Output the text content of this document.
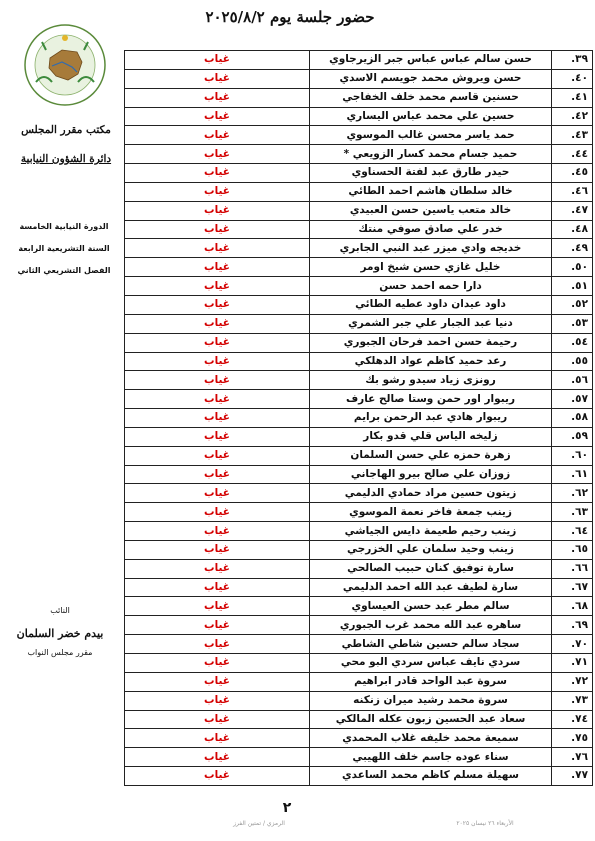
حضور جلسة يوم ٢٠٢٥/٨/٢
مكتب مقرر المجلس
دائرة الشؤون النيابية
الدورة النيابية الخامسة
السنة التشريعية الرابعة
الفصل التشريعي الثاني
النائب
بيدم خضر السلمان
مقرر مجلس النواب
٣٩.	حسن سالم عباس عباس جبر الزيرجاوي	غياب
٤٠.	حسن ويروش محمد جويسم الاسدي	غياب
٤١.	حسنين قاسم محمد خلف الخفاجي	غياب
٤٢.	حسين علي محمد عباس اليساري	غياب
٤٣.	حمد ياسر محسن غالب الموسوي	غياب
٤٤.	حميد جسام محمد كسار الزويعي *	غياب
٤٥.	حيدر طارق عبد لفتة الحسناوي	غياب
٤٦.	خالد سلطان هاشم احمد الطائي	غياب
٤٧.	خالد متعب ياسين حسن العبيدي	غياب
٤٨.	خدر علي صادق صوفي منتك	غياب
٤٩.	خديجه وادي ميزر عبد النبي الجابري	غياب
٥٠.	خليل غازي حسن شيخ اومر	غياب
٥١.	دارا حمه احمد حسن	غياب
٥٢.	داود عيدان داود عطيه الطائي	غياب
٥٣.	دنيا عبد الجبار علي جبر الشمري	غياب
٥٤.	رحيمة حسن احمد فرحان الجبوري	غياب
٥٥.	رعد حميد كاظم عواد الدهلكي	غياب
٥٦.	رونزى زياد سيدو رشو بك	غياب
٥٧.	ريبوار اور حمن وستا صالح عارف	غياب
٥٨.	ريبوار هادي عبد الرحمن برايم	غياب
٥٩.	زليخه الياس قلي قدو بكار	غياب
٦٠.	زهرة حمزه علي حسن السلمان	غياب
٦١.	زوزان علي صالح بيرو الهاجاني	غياب
٦٢.	زيتون حسين مراد حمادي الدليمي	غياب
٦٣.	زينب جمعة فاخر نعمة الموسوي	غياب
٦٤.	زينب رحيم طعيمة دايس الجياشي	غياب
٦٥.	زينب وحيد سلمان علي الخزرجي	غياب
٦٦.	سارة توفيق كنان حبيب الصالحي	غياب
٦٧.	سارة لطيف عبد الله احمد الدليمي	غياب
٦٨.	سالم مطر عبد حسن العيساوي	غياب
٦٩.	ساهره عبد الله محمد غرب الجبوري	غياب
٧٠.	سجاد سالم حسين شاطي الشاطي	غياب
٧١.	سردي نايف عباس سردي البو محي	غياب
٧٢.	سروة عبد الواحد قادر ابراهيم	غياب
٧٣.	سروة محمد رشيد ميران زنكنه	غياب
٧٤.	سعاد عبد الحسين زبون عكله المالكي	غياب
٧٥.	سميعة محمد خليفه غلاب المحمدي	غياب
٧٦.	سناء عوده جاسم خلف اللهيبي	غياب
٧٧.	سهيلة مسلم كاظم محمد الساعدي	غياب
٢
الرمزي / تمتين الفرز	الأربعاء ٢٦ نيسان ٢٠٢٥
